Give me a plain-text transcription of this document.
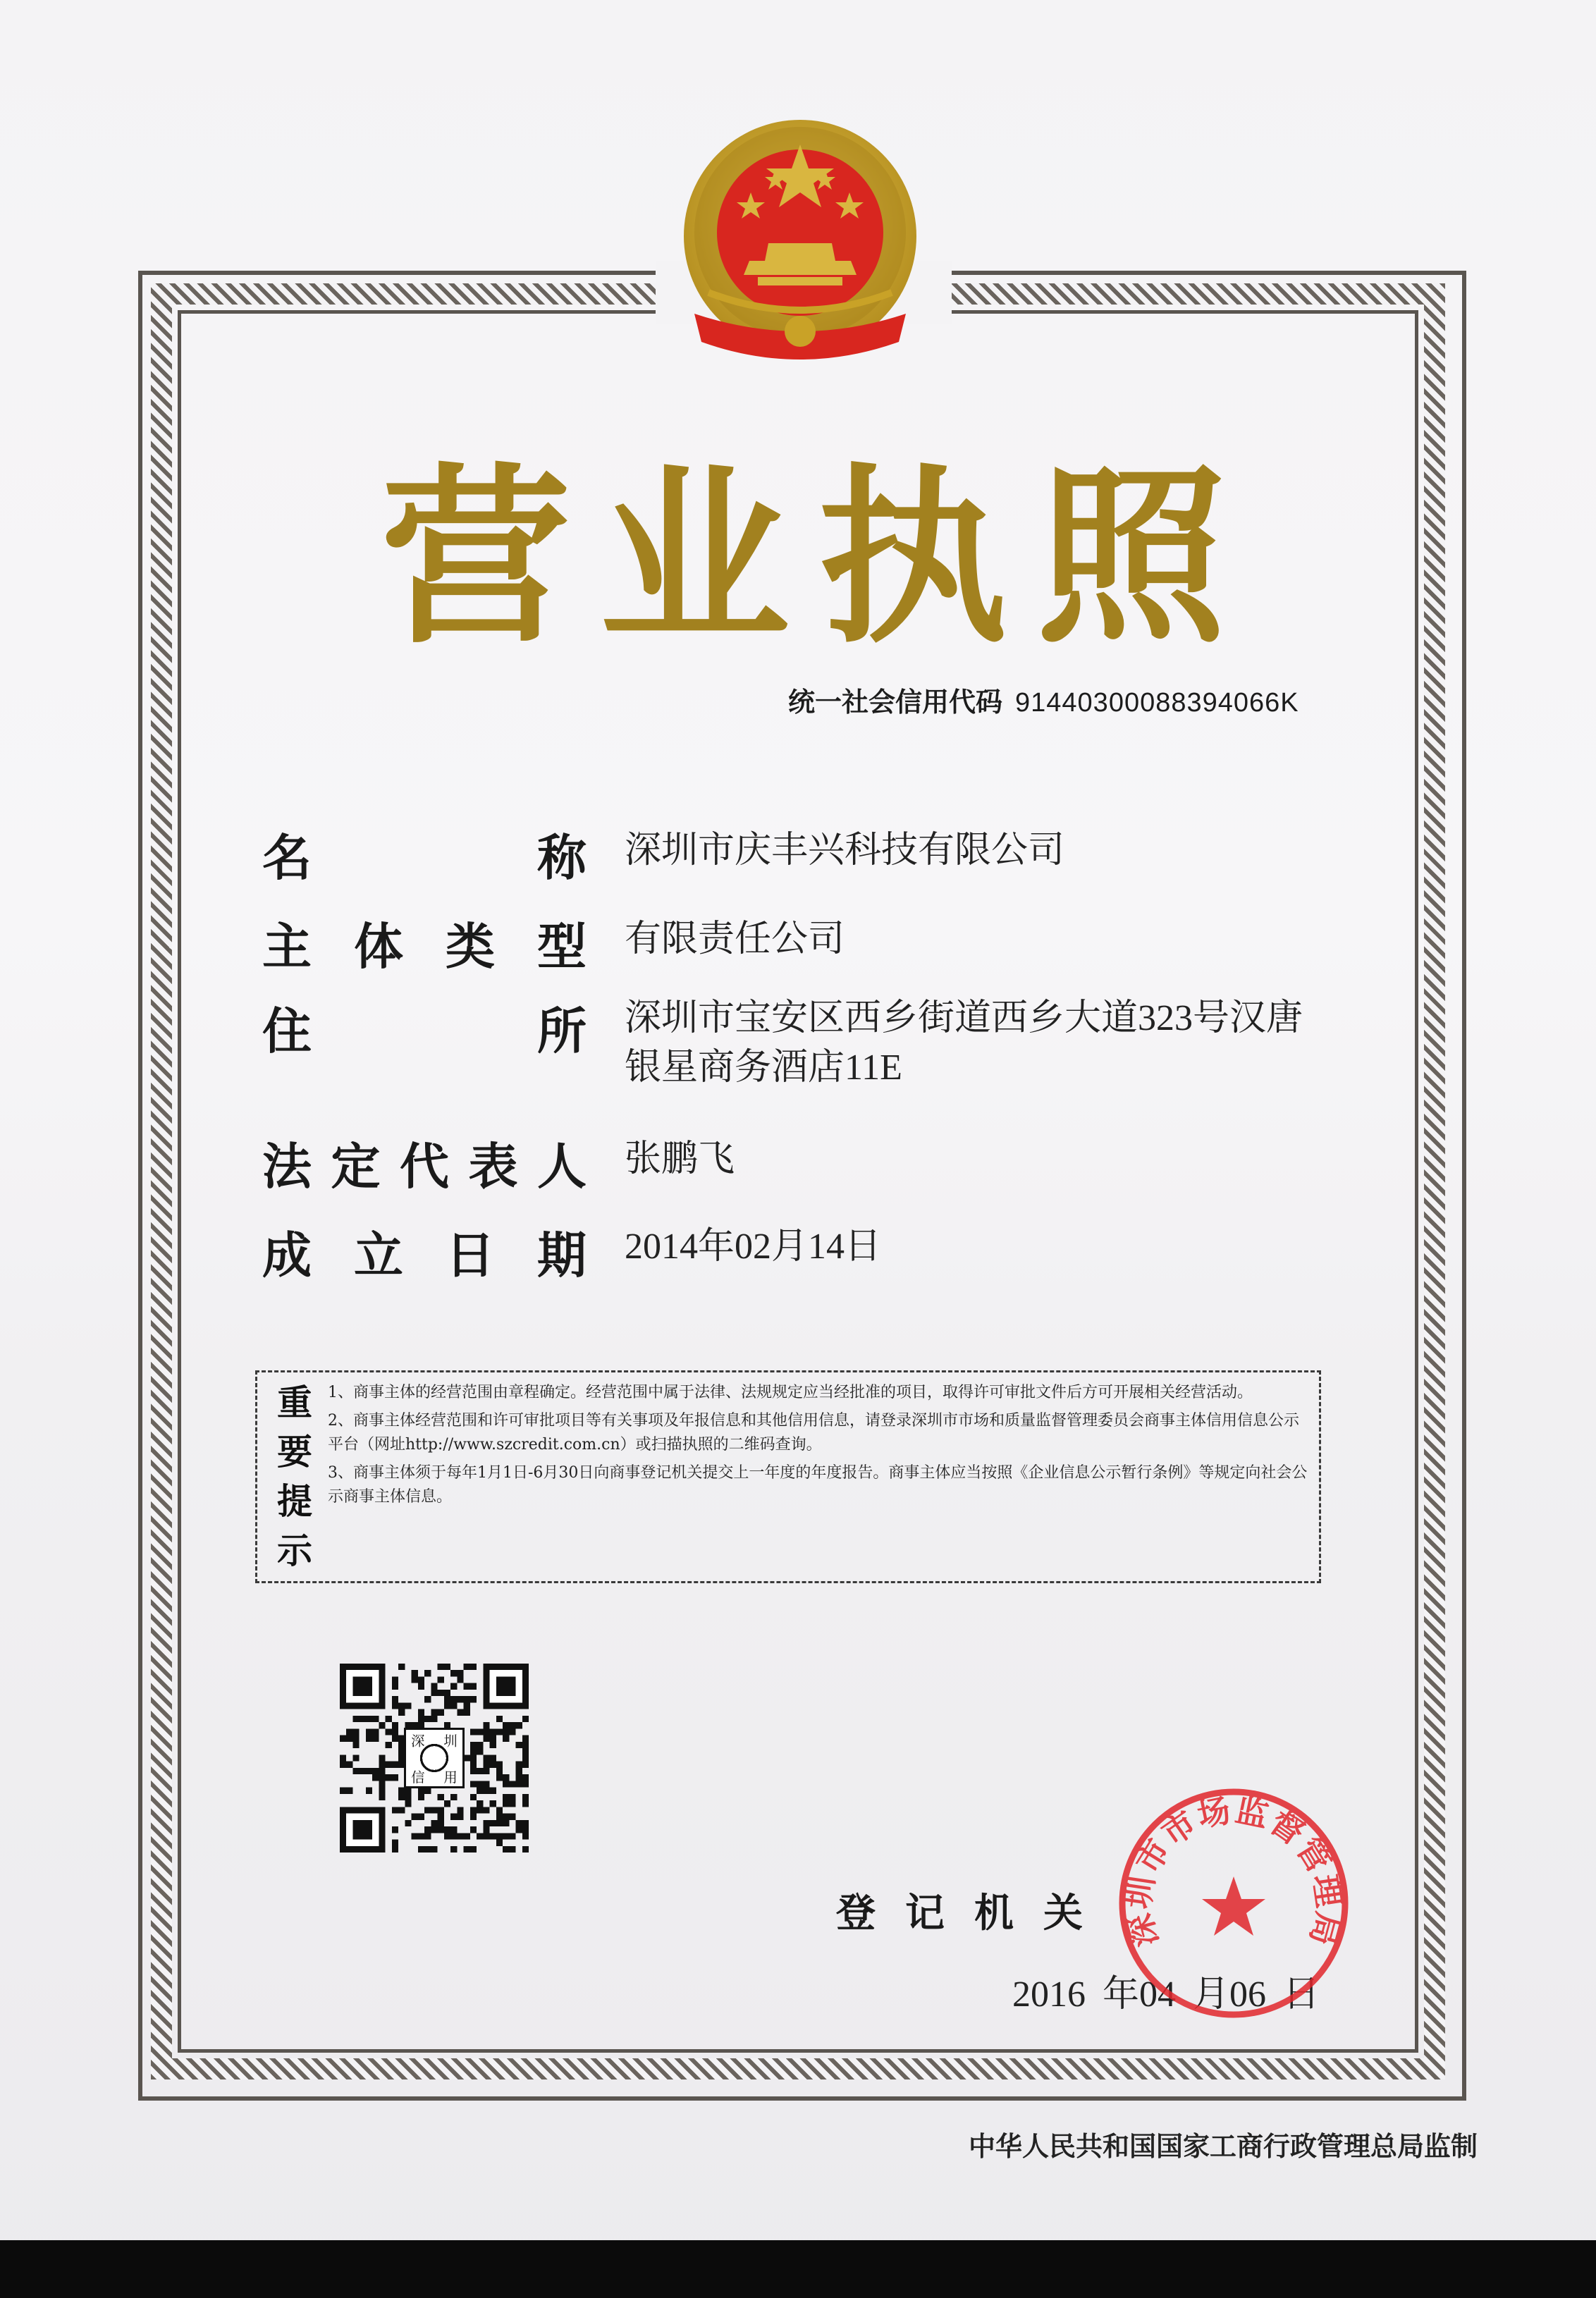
营 业 执 照
统一社会信用代码 91440300088394066K
名	称 深圳市庆丰兴科技有限公司
主 体 类 型 有限责任公司
住	所 深圳市宝安区西乡街道西乡大道323号汉唐
银星商务酒店11E
法 定 代 表 人 张鹏飞
成 立 日 期 2014年02月14日
重
要
提
示

1、商事主体的经营范围由章程确定。经营范围中属于法律、法规规定应当经批准的项目，取得许可审批文件后方可开展相关经营活动。

2、商事主体经营范围和许可审批项目等有关事项及年报信息和其他信用信息，请登录深圳市市场和质量监督管理委员会商事主体信用信息公示平台（网址http://www.szcredit.com.cn）或扫描执照的二维码查询。

3、商事主体须于每年1月1日-6月30日向商事登记机关提交上一年度的年度报告。商事主体应当按照《企业信息公示暂行条例》等规定向社会公示商事主体信息。

深	圳
信	用
登 记 机 关
2016 年04 月06 日
深圳市市场监督管理局
中华人民共和国国家工商行政管理总局监制
